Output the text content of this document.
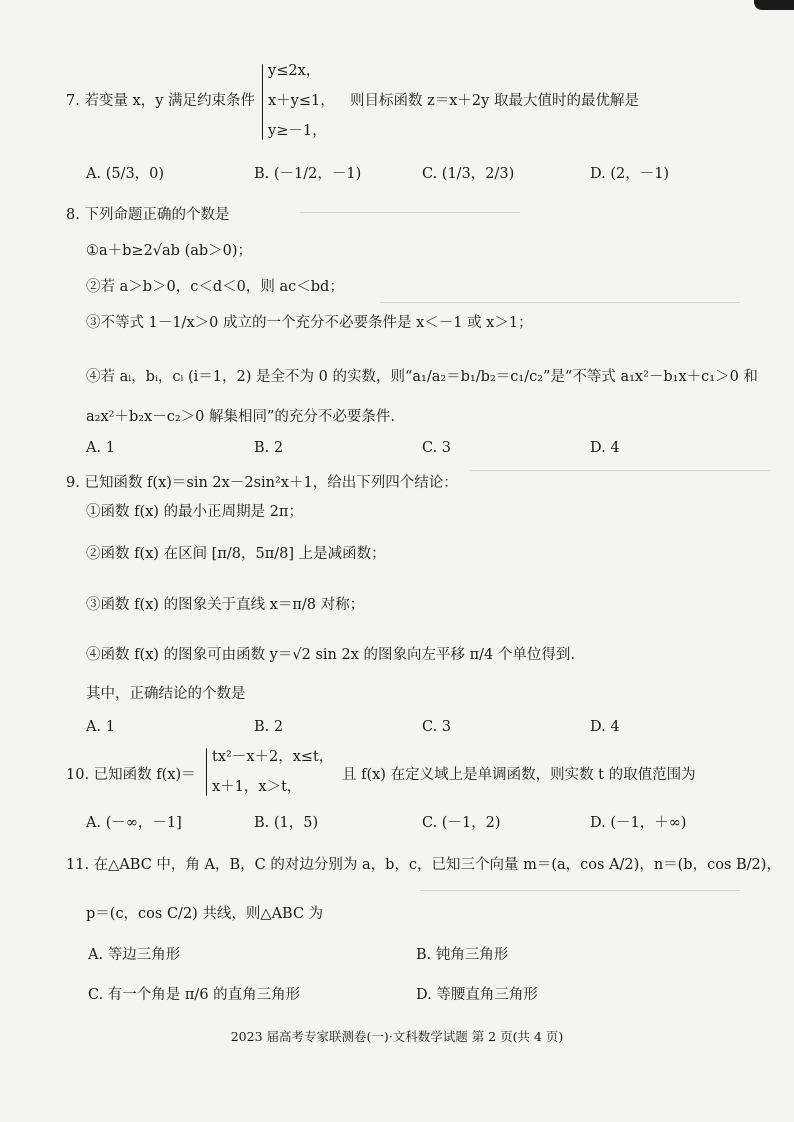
y≤2x，
x＋y≤1，
y≥－1，
7. 若变量 x，y 满足约束条件	则目标函数 z＝x＋2y 取最大值时的最优解是
A. (5/3，0)	B. (－1/2，－1)	C. (1/3，2/3)	D. (2，－1)
8. 下列命题正确的个数是
①a＋b≥2√ab (ab＞0)；
②若 a＞b＞0，c＜d＜0，则 ac＜bd；
③不等式 1－1/x＞0 成立的一个充分不必要条件是 x＜－1 或 x＞1；
④若 aᵢ，bᵢ，cᵢ (i＝1，2) 是全不为 0 的实数，则“a₁/a₂＝b₁/b₂＝c₁/c₂”是“不等式 a₁x²－b₁x＋c₁＞0 和
a₂x²＋b₂x－c₂＞0 解集相同”的充分不必要条件.
A. 1	B. 2	C. 3	D. 4
9. 已知函数 f(x)＝sin 2x－2sin²x＋1，给出下列四个结论：
①函数 f(x) 的最小正周期是 2π；
②函数 f(x) 在区间 [π/8，5π/8] 上是减函数；
③函数 f(x) 的图象关于直线 x＝π/8 对称；
④函数 f(x) 的图象可由函数 y＝√2 sin 2x 的图象向左平移 π/4 个单位得到.
其中，正确结论的个数是
A. 1	B. 2	C. 3	D. 4
10. 已知函数 f(x)＝
tx²－x＋2，x≤t，
x＋1，x＞t，
且 f(x) 在定义域上是单调函数，则实数 t 的取值范围为
A. (－∞，－1]	B. (1，5)	C. (－1，2)	D. (－1，＋∞)
11. 在△ABC 中，角 A，B，C 的对边分别为 a，b，c，已知三个向量 m＝(a，cos A/2)，n＝(b，cos B/2)，
p＝(c，cos C/2) 共线，则△ABC 为
A. 等边三角形	B. 钝角三角形
C. 有一个角是 π/6 的直角三角形	D. 等腰直角三角形
2023 届高考专家联测卷(一)·文科数学试题 第 2 页(共 4 页)
